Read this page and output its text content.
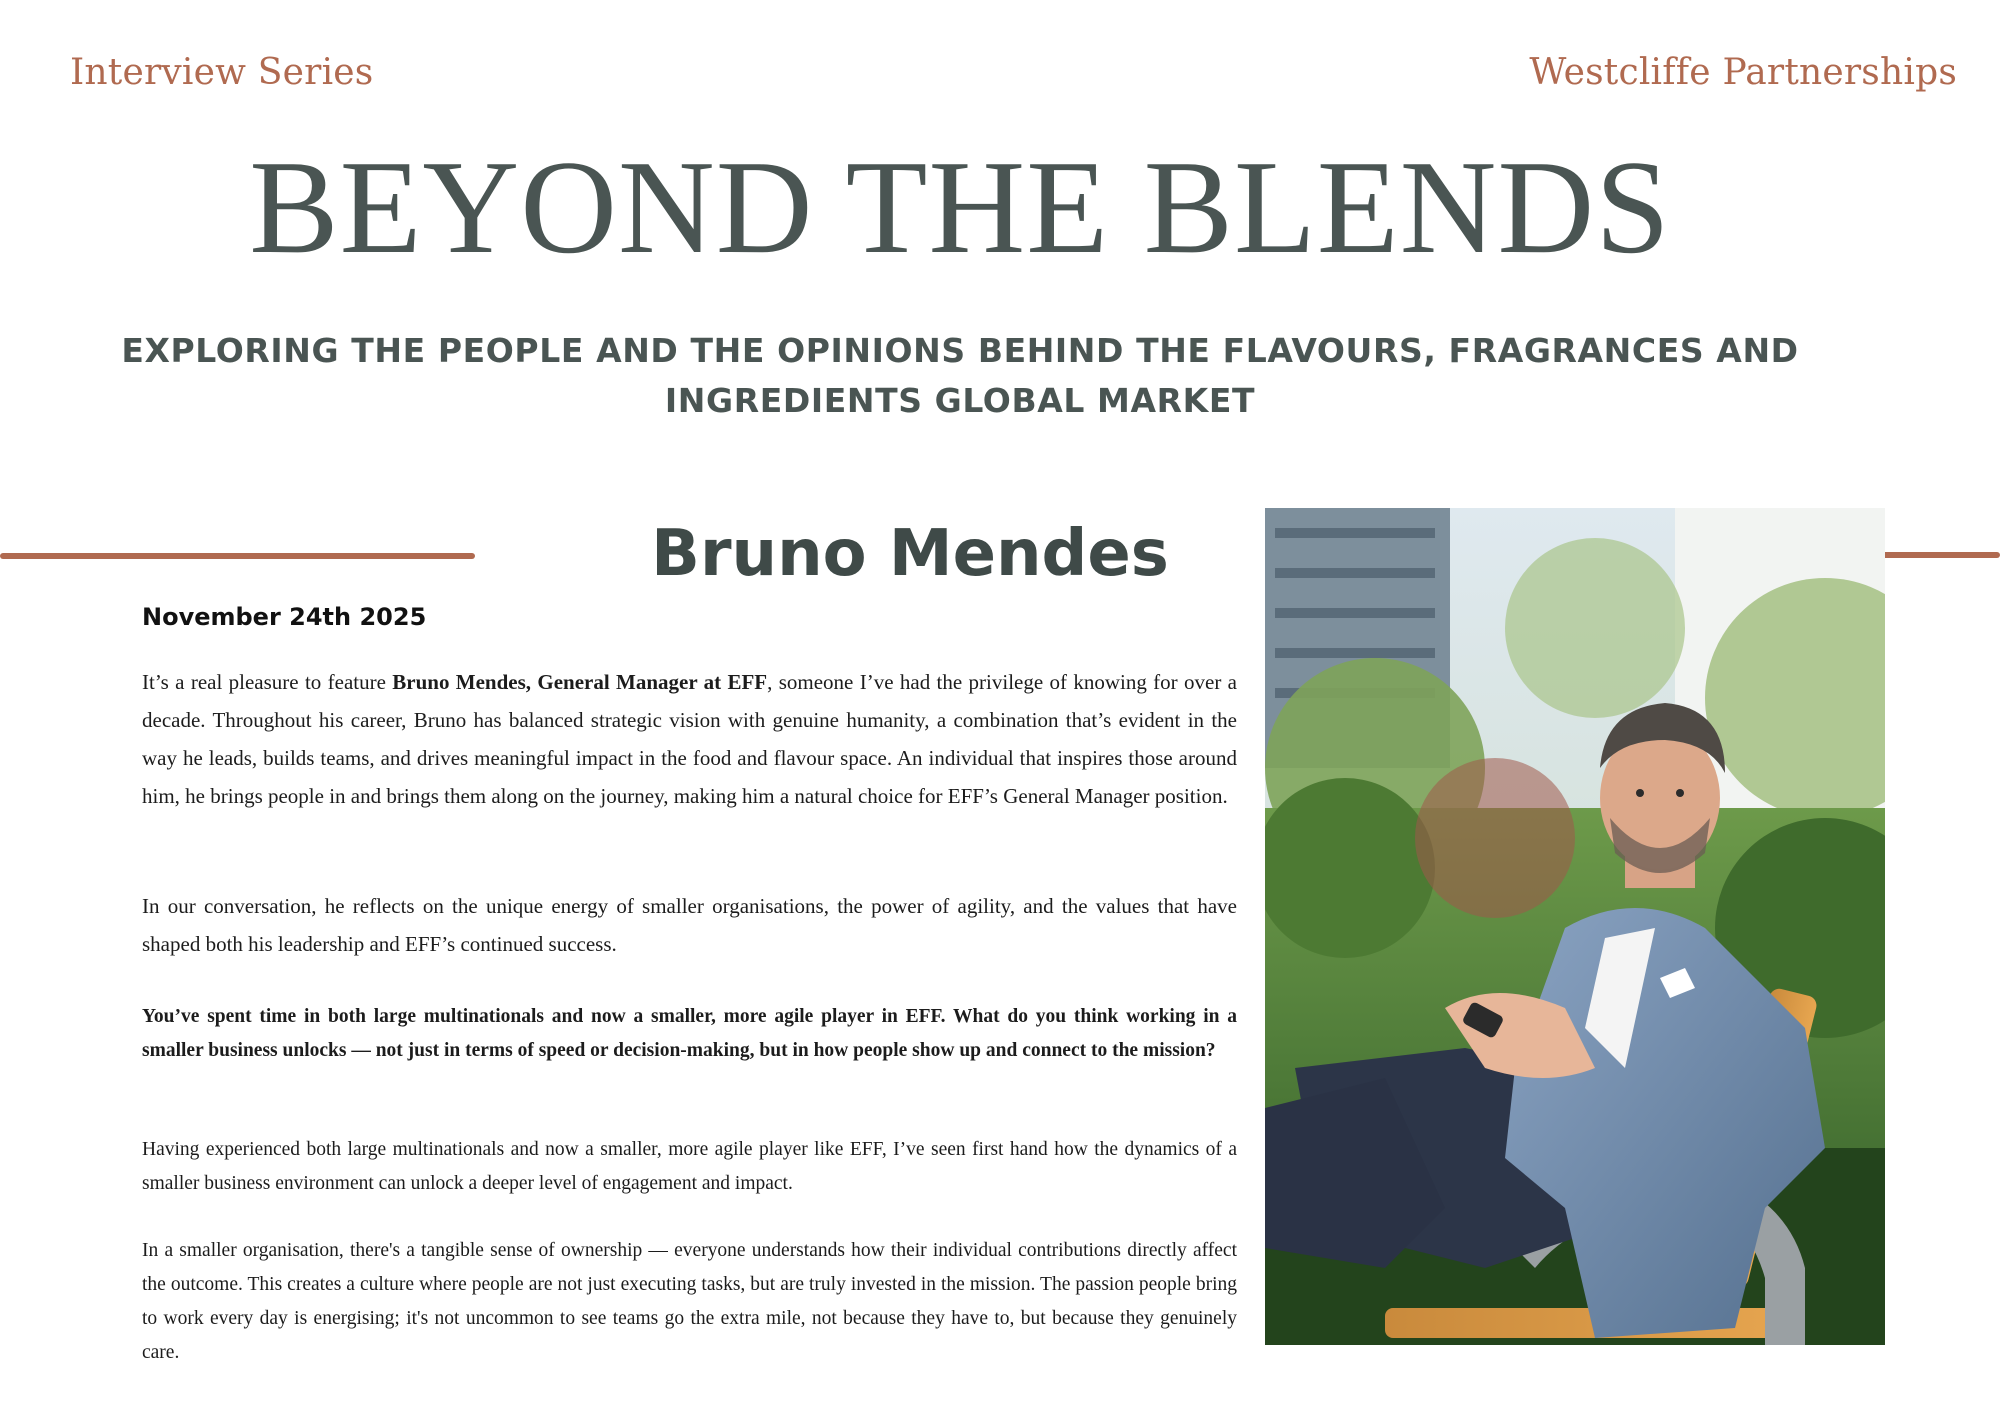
Interview Series	Westcliffe Partnerships
BEYOND THE BLENDS
EXPLORING THE PEOPLE AND THE OPINIONS BEHIND THE FLAVOURS, FRAGRANCES AND INGREDIENTS GLOBAL MARKET
Bruno Mendes
November 24th 2025

It’s a real pleasure to feature Bruno Mendes, General Manager at EFF, someone I’ve had the privilege of knowing for over a decade. Throughout his career, Bruno has balanced strategic vision with genuine humanity, a combination that’s evident in the way he leads, builds teams, and drives meaningful impact in the food and flavour space. An individual that inspires those around him, he brings people in and brings them along on the journey, making him a natural choice for EFF’s General Manager position.

In our conversation, he reflects on the unique energy of smaller organisations, the power of agility, and the values that have shaped both his leadership and EFF’s continued success.

You’ve spent time in both large multinationals and now a smaller, more agile player in EFF. What do you think working in a smaller business unlocks — not just in terms of speed or decision-making, but in how people show up and connect to the mission?

Having experienced both large multinationals and now a smaller, more agile player like EFF, I’ve seen first hand how the dynamics of a smaller business environment can unlock a deeper level of engagement and impact.

In a smaller organisation, there's a tangible sense of ownership — everyone understands how their individual contributions directly affect the outcome. This creates a culture where people are not just executing tasks, but are truly invested in the mission. The passion people bring to work every day is energising; it's not uncommon to see teams go the extra mile, not because they have to, but because they genuinely care.
